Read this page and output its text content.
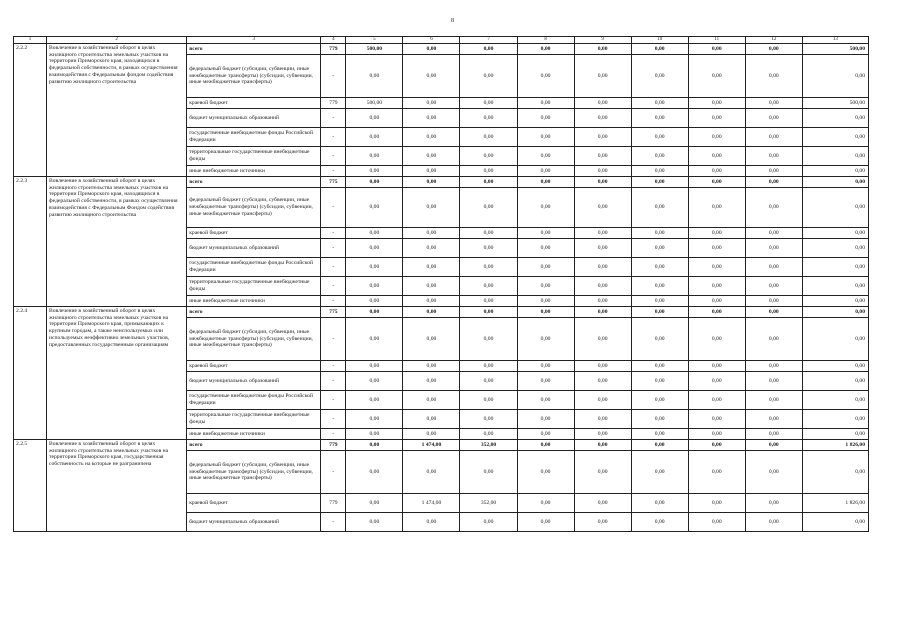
8
1	2	3	4	5	6	7	8	9	10	11	12	13
2.2.2	Вовлечение в хозяйственный оборот в целях жилищного строительства земельных участков на территории Приморского края, находящихся в федеральной собственности, в рамках осуществления взаимодействия с Федеральным фондом содействия развитию жилищного строительства	всего	779	500,00	0,00	0,00	0,00	0,00	0,00	0,00	0,00	500,00
		федеральный бюджет (субсидии, субвенции, иные межбюджетные трансферты) (субсидии, субвенции, иные межбюджетные трансферты)	-	0,00	0,00	0,00	0,00	0,00	0,00	0,00	0,00	0,00
		краевой бюджет	779	500,00	0,00	0,00	0,00	0,00	0,00	0,00	0,00	500,00
		бюджет муниципальных образований	-	0,00	0,00	0,00	0,00	0,00	0,00	0,00	0,00	0,00
		государственные внебюджетные фонды Российской Федерации	-	0,00	0,00	0,00	0,00	0,00	0,00	0,00	0,00	0,00
		территориальные государственные внебюджетные фонды	-	0,00	0,00	0,00	0,00	0,00	0,00	0,00	0,00	0,00
		иные внебюджетные источники	-	0,00	0,00	0,00	0,00	0,00	0,00	0,00	0,00	0,00
2.2.3	Вовлечение в хозяйственный оборот в целях жилищного строительства земельных участков на территории Приморского края, находящихся в федеральной собственности, в рамках осуществления взаимодействия с Федеральным Фондом содействия развитию жилищного строительства	всего	775	0,00	0,00	0,00	0,00	0,00	0,00	0,00	0,00	0,00
		федеральный бюджет (субсидии, субвенции, иные межбюджетные трансферты) (субсидии, субвенции, иные межбюджетные трансферты)	-	0,00	0,00	0,00	0,00	0,00	0,00	0,00	0,00	0,00
		краевой бюджет	-	0,00	0,00	0,00	0,00	0,00	0,00	0,00	0,00	0,00
		бюджет муниципальных образований	-	0,00	0,00	0,00	0,00	0,00	0,00	0,00	0,00	0,00
		государственные внебюджетные фонды Российской Федерации	-	0,00	0,00	0,00	0,00	0,00	0,00	0,00	0,00	0,00
		территориальные государственные внебюджетные фонды	-	0,00	0,00	0,00	0,00	0,00	0,00	0,00	0,00	0,00
		иные внебюджетные источники	-	0,00	0,00	0,00	0,00	0,00	0,00	0,00	0,00	0,00
2.2.4	Вовлечение в хозяйственный оборот в целях жилищного строительства земельных участков на территории Приморского края, примыкающих к крупным городам, а также неиспользуемых или используемых неэффективно земельных участков, предоставленных государственным организациям	всего	775	0,00	0,00	0,00	0,00	0,00	0,00	0,00	0,00	0,00
		федеральный бюджет (субсидии, субвенции, иные межбюджетные трансферты) (субсидии, субвенции, иные межбюджетные трансферты)	-	0,00	0,00	0,00	0,00	0,00	0,00	0,00	0,00	0,00
		краевой бюджет	-	0,00	0,00	0,00	0,00	0,00	0,00	0,00	0,00	0,00
		бюджет муниципальных образований	-	0,00	0,00	0,00	0,00	0,00	0,00	0,00	0,00	0,00
		государственные внебюджетные фонды Российской Федерации	-	0,00	0,00	0,00	0,00	0,00	0,00	0,00	0,00	0,00
		территориальные государственные внебюджетные фонды	-	0,00	0,00	0,00	0,00	0,00	0,00	0,00	0,00	0,00
		иные внебюджетные источники	-	0,00	0,00	0,00	0,00	0,00	0,00	0,00	0,00	0,00
2.2.5	Вовлечение в хозяйственный оборот в целях жилищного строительства земельных участков на территории Приморского края, государственная собственность на которые не разграничена	всего	779	0,00	1 474,00	352,00	0,00	0,00	0,00	0,00	0,00	1 826,00
		федеральный бюджет (субсидии, субвенции, иные межбюджетные трансферты) (субсидии, субвенции, иные межбюджетные трансферты)	-	0,00	0,00	0,00	0,00	0,00	0,00	0,00	0,00	0,00
		краевой бюджет	779	0,00	1 474,00	352,00	0,00	0,00	0,00	0,00	0,00	1 826,00
		бюджет муниципальных образований	-	0,00	0,00	0,00	0,00	0,00	0,00	0,00	0,00	0,00
